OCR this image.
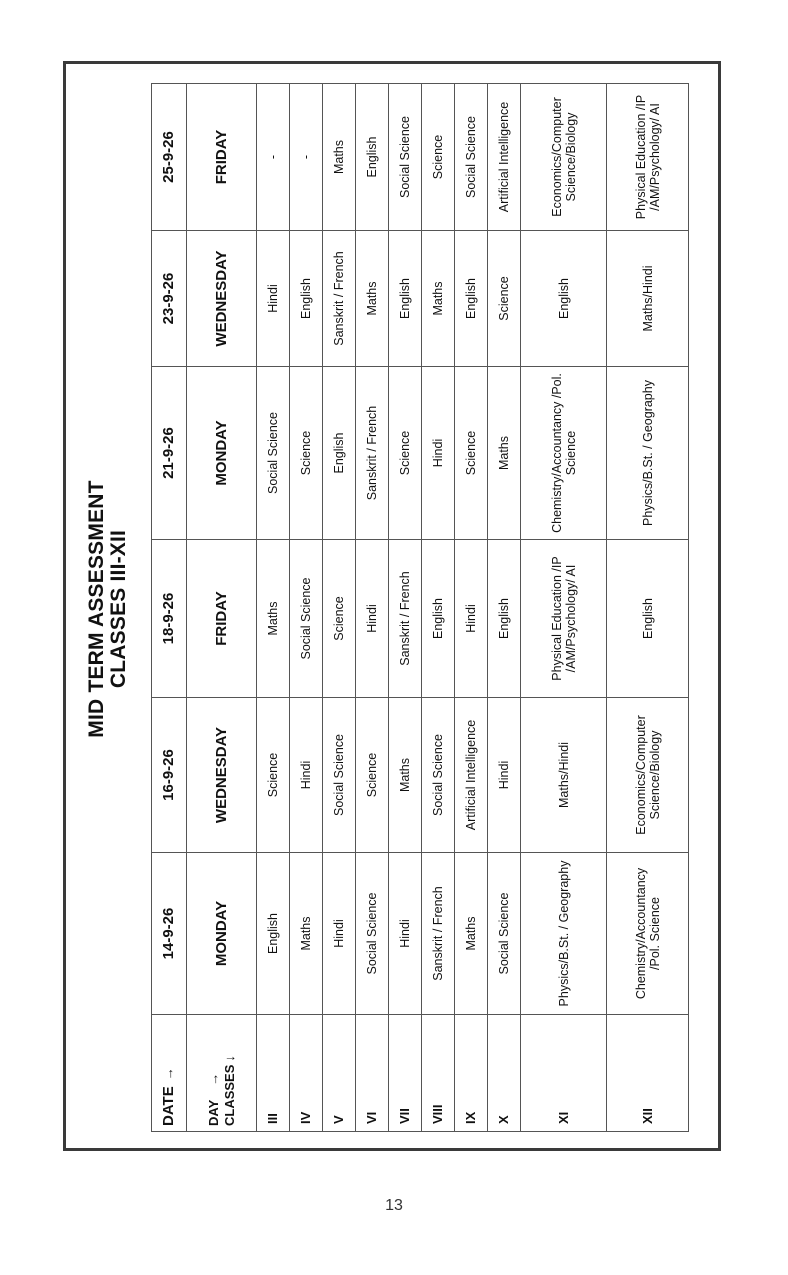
MID TERM ASSESSMENT CLASSES III-XII
DATE→	14-9-26	16-9-26	18-9-26	21-9-26	23-9-26	25-9-26

DAY→ CLASSES↓	MONDAY	WEDNESDAY	FRIDAY	MONDAY	WEDNESDAY	FRIDAY
III	English	Science	Maths	Social Science	Hindi	-
IV	Maths	Hindi	Social Science	Science	English	-
V	Hindi	Social Science	Science	English	Sanskrit / French	Maths
VI	Social Science	Science	Hindi	Sanskrit / French	Maths	English
VII	Hindi	Maths	Sanskrit / French	Science	English	Social Science
VIII	Sanskrit / French	Social Science	English	Hindi	Maths	Science
IX	Maths	Artificial Intelligence	Hindi	Science	English	Social Science
X	Social Science	Hindi	English	Maths	Science	Artificial Intelligence
XI	Physics/B.St. / Geography	Maths/Hindi	Physical Education /IP /AM/Psychology/ AI	Chemistry/Accountancy /Pol. Science	English	Economics/Computer Science/Biology
XII	Chemistry/Accountancy /Pol. Science	Economics/Computer Science/Biology	English	Physics/B.St. / Geography	Maths/Hindi	Physical Education /IP /AM/Psychology/ AI
13
